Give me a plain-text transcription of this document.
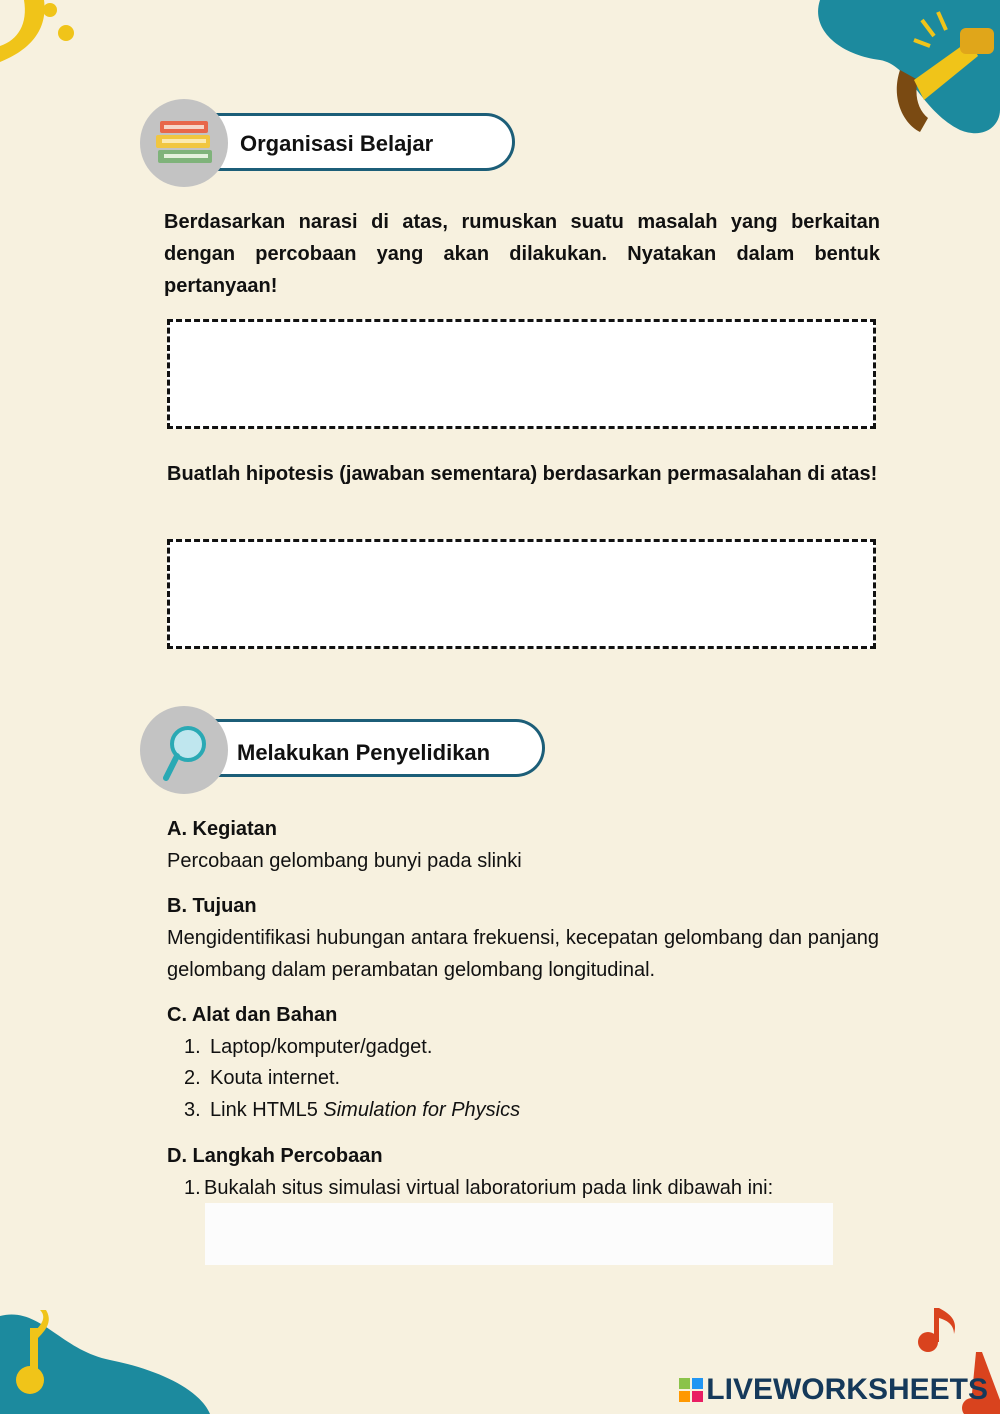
Organisasi Belajar
Berdasarkan narasi di atas, rumuskan suatu masalah yang berkaitan dengan percobaan yang akan dilakukan. Nyatakan dalam bentuk pertanyaan!
Buatlah hipotesis (jawaban sementara) berdasarkan permasalahan di atas!
Melakukan Penyelidikan
A. Kegiatan
Percobaan gelombang bunyi pada slinki
B. Tujuan
Mengidentifikasi hubungan antara frekuensi, kecepatan gelombang dan panjang gelombang dalam perambatan gelombang longitudinal.
C. Alat dan Bahan
1. Laptop/komputer/gadget.
2. Kouta internet.
3. Link HTML5 Simulation for Physics
D. Langkah Percobaan
1. Bukalah situs simulasi virtual laboratorium pada link dibawah ini:
LIVEWORKSHEETS
